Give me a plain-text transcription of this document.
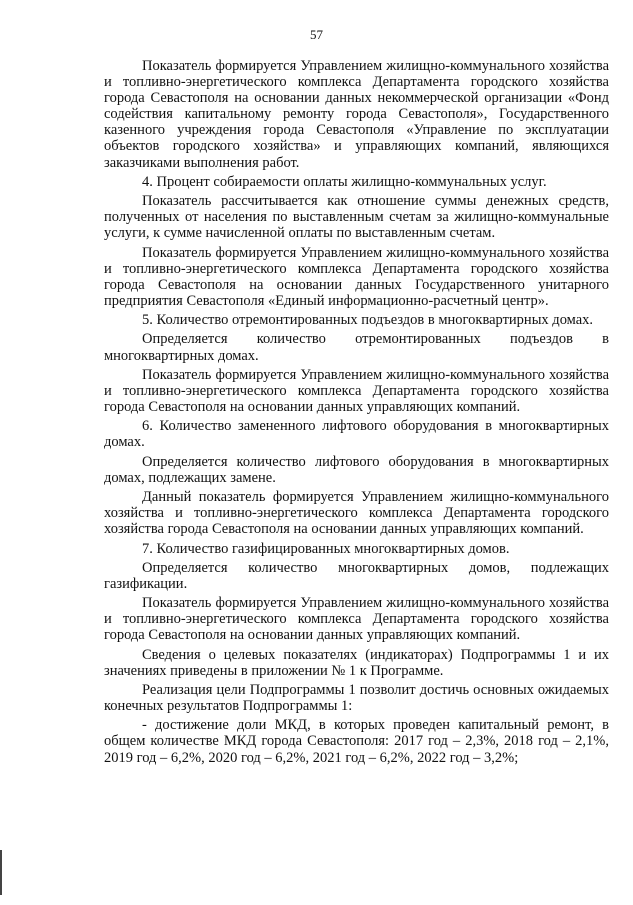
57

Показатель формируется Управлением жилищно-коммунального хозяйства и топливно-энергетического комплекса Департамента городского хозяйства города Севастополя на основании данных некоммерческой организации «Фонд содействия капитальному ремонту города Севастополя», Государственного казенного учреждения города Севастополя «Управление по эксплуатации объектов городского хозяйства» и управляющих компаний, являющихся заказчиками выполнения работ.

4. Процент собираемости оплаты жилищно-коммунальных услуг.

Показатель рассчитывается как отношение суммы денежных средств, полученных от населения по выставленным счетам за жилищно-коммунальные услуги, к сумме начисленной оплаты по выставленным счетам.

Показатель формируется Управлением жилищно-коммунального хозяйства и топливно-энергетического комплекса Департамента городского хозяйства города Севастополя на основании данных Государственного унитарного предприятия Севастополя «Единый информационно-расчетный центр».

5. Количество отремонтированных подъездов в многоквартирных домах.

Определяется количество отремонтированных подъездов в многоквартирных домах.

Показатель формируется Управлением жилищно-коммунального хозяйства и топливно-энергетического комплекса Департамента городского хозяйства города Севастополя на основании данных управляющих компаний.

6. Количество замененного лифтового оборудования в многоквартирных домах.

Определяется количество лифтового оборудования в многоквартирных домах, подлежащих замене.

Данный показатель формируется Управлением жилищно-коммунального хозяйства и топливно-энергетического комплекса Департамента городского хозяйства города Севастополя на основании данных управляющих компаний.

7. Количество газифицированных многоквартирных домов.

Определяется количество многоквартирных домов, подлежащих газификации.

Показатель формируется Управлением жилищно-коммунального хозяйства и топливно-энергетического комплекса Департамента городского хозяйства города Севастополя на основании данных управляющих компаний.

Сведения о целевых показателях (индикаторах) Подпрограммы 1 и их значениях приведены в приложении № 1 к Программе.

Реализация цели Подпрограммы 1 позволит достичь основных ожидаемых конечных результатов Подпрограммы 1:

- достижение доли МКД, в которых проведен капитальный ремонт, в общем количестве МКД города Севастополя: 2017 год – 2,3%, 2018 год – 2,1%, 2019 год – 6,2%, 2020 год – 6,2%, 2021 год – 6,2%, 2022 год – 3,2%;
